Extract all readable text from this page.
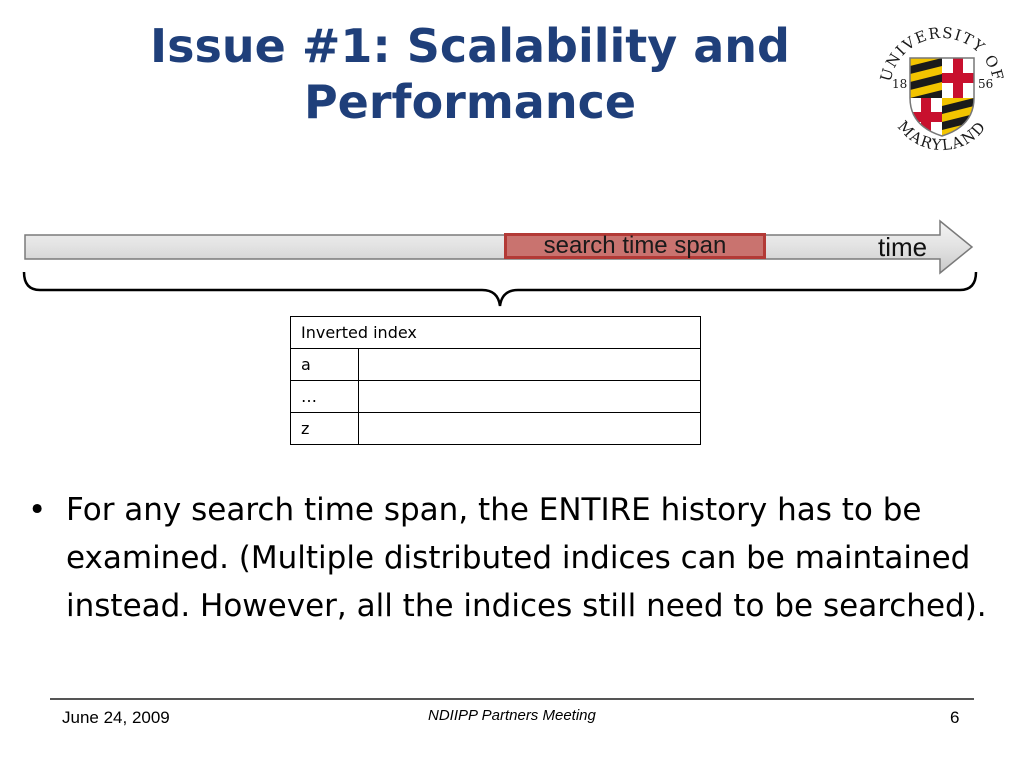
Issue #1: Scalability and
Performance
UNIVERSITY OF
MARYLAND
18	56
search time span	time
Inverted index	
a	
…	
z	
• For any search time span, the ENTIRE history has to be examined. (Multiple distributed indices can be maintained instead. However, all the indices still need to be searched).
June 24, 2009	NDIIPP Partners Meeting	6
